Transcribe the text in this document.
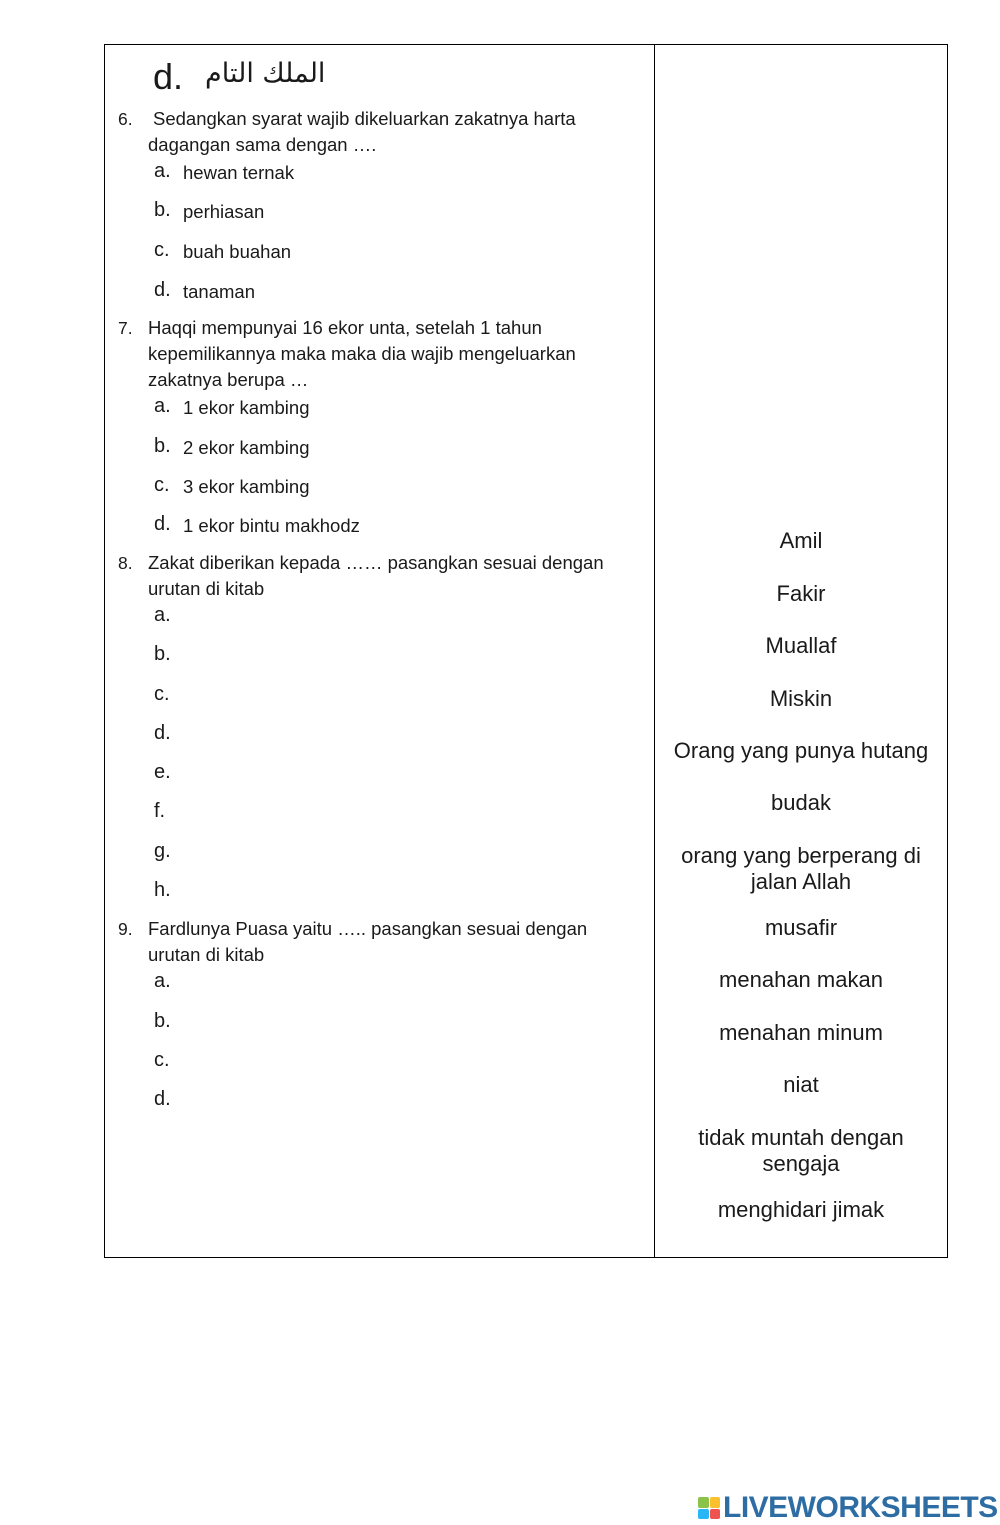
d. الملك التام
6. Sedangkan syarat wajib dikeluarkan zakatnya harta
dagangan sama dengan ….
a. hewan ternak
b. perhiasan
c. buah buahan
d. tanaman
7. Haqqi mempunyai 16 ekor unta, setelah 1 tahun
kepemilikannya maka maka dia wajib mengeluarkan
zakatnya berupa …
a. 1 ekor kambing
b. 2 ekor kambing
c. 3 ekor kambing
d. 1 ekor bintu makhodz
8. Zakat diberikan kepada …… pasangkan sesuai dengan
urutan di kitab
a.
b.
c.
d.
e.
f.
g.
h.
9. Fardlunya Puasa yaitu ….. pasangkan sesuai dengan
urutan di kitab
a.
b.
c.
d.
Amil
Fakir
Muallaf
Miskin
Orang yang punya hutang
budak
orang yang berperang di
jalan Allah
musafir
menahan makan
menahan minum
niat
tidak muntah dengan
sengaja
menghidari jimak
LIVEWORKSHEETS
